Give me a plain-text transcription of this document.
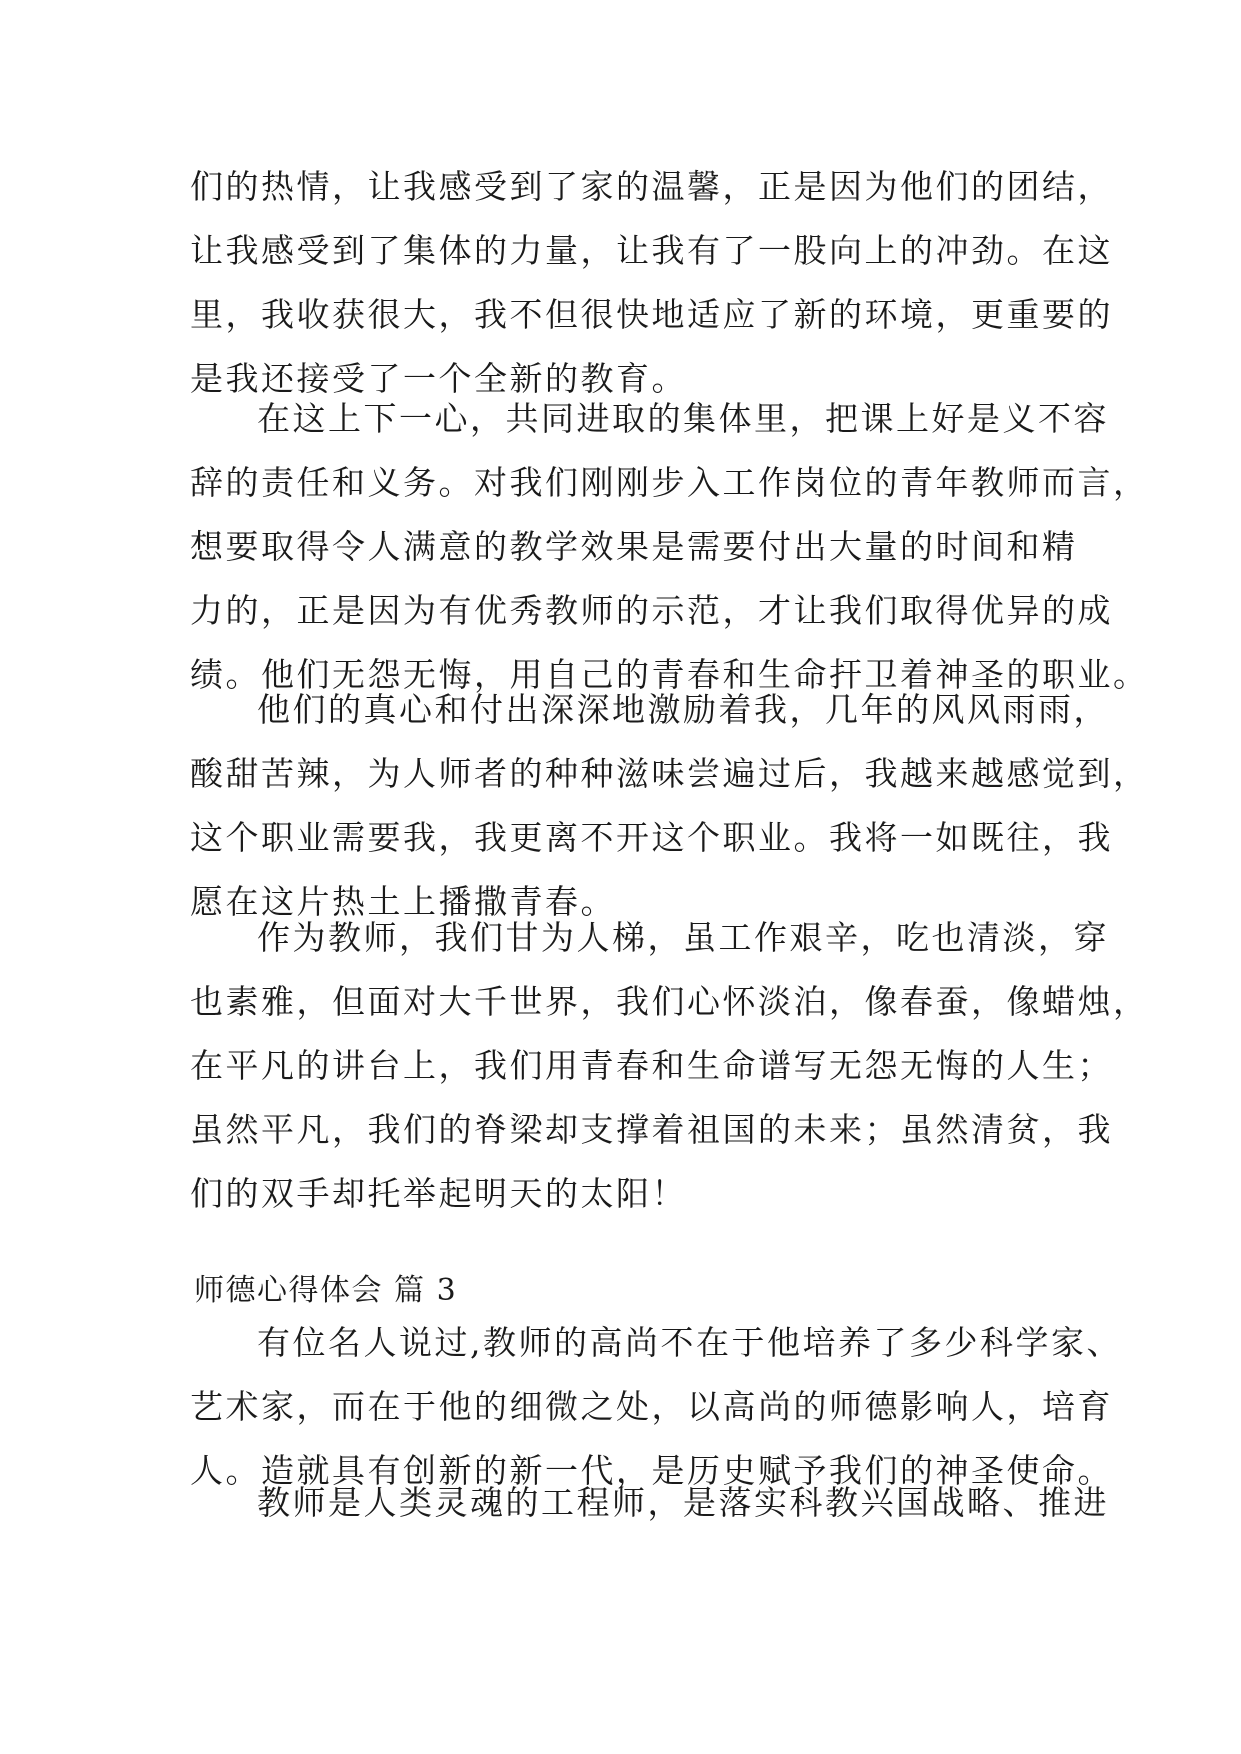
们的热情，让我感受到了家的温馨，正是因为他们的团结，
让我感受到了集体的力量，让我有了一股向上的冲劲。在这
里，我收获很大，我不但很快地适应了新的环境，更重要的
是我还接受了一个全新的教育。
在这上下一心，共同进取的集体里，把课上好是义不容
辞的责任和义务。对我们刚刚步入工作岗位的青年教师而言，
想要取得令人满意的教学效果是需要付出大量的时间和精
力的，正是因为有优秀教师的示范，才让我们取得优异的成
绩。他们无怨无悔，用自己的青春和生命扞卫着神圣的职业。
他们的真心和付出深深地激励着我，几年的风风雨雨，
酸甜苦辣，为人师者的种种滋味尝遍过后，我越来越感觉到，
这个职业需要我，我更离不开这个职业。我将一如既往，我
愿在这片热土上播撒青春。
作为教师，我们甘为人梯，虽工作艰辛，吃也清淡，穿
也素雅，但面对大千世界，我们心怀淡泊，像春蚕，像蜡烛，
在平凡的讲台上，我们用青春和生命谱写无怨无悔的人生；
虽然平凡，我们的脊梁却支撑着祖国的未来；虽然清贫，我
们的双手却托举起明天的太阳！
师德心得体会 篇 3
有位名人说过,教师的高尚不在于他培养了多少科学家、
艺术家，而在于他的细微之处，以高尚的师德影响人，培育
人。造就具有创新的新一代，是历史赋予我们的神圣使命。
教师是人类灵魂的工程师，是落实科教兴国战略、推进
